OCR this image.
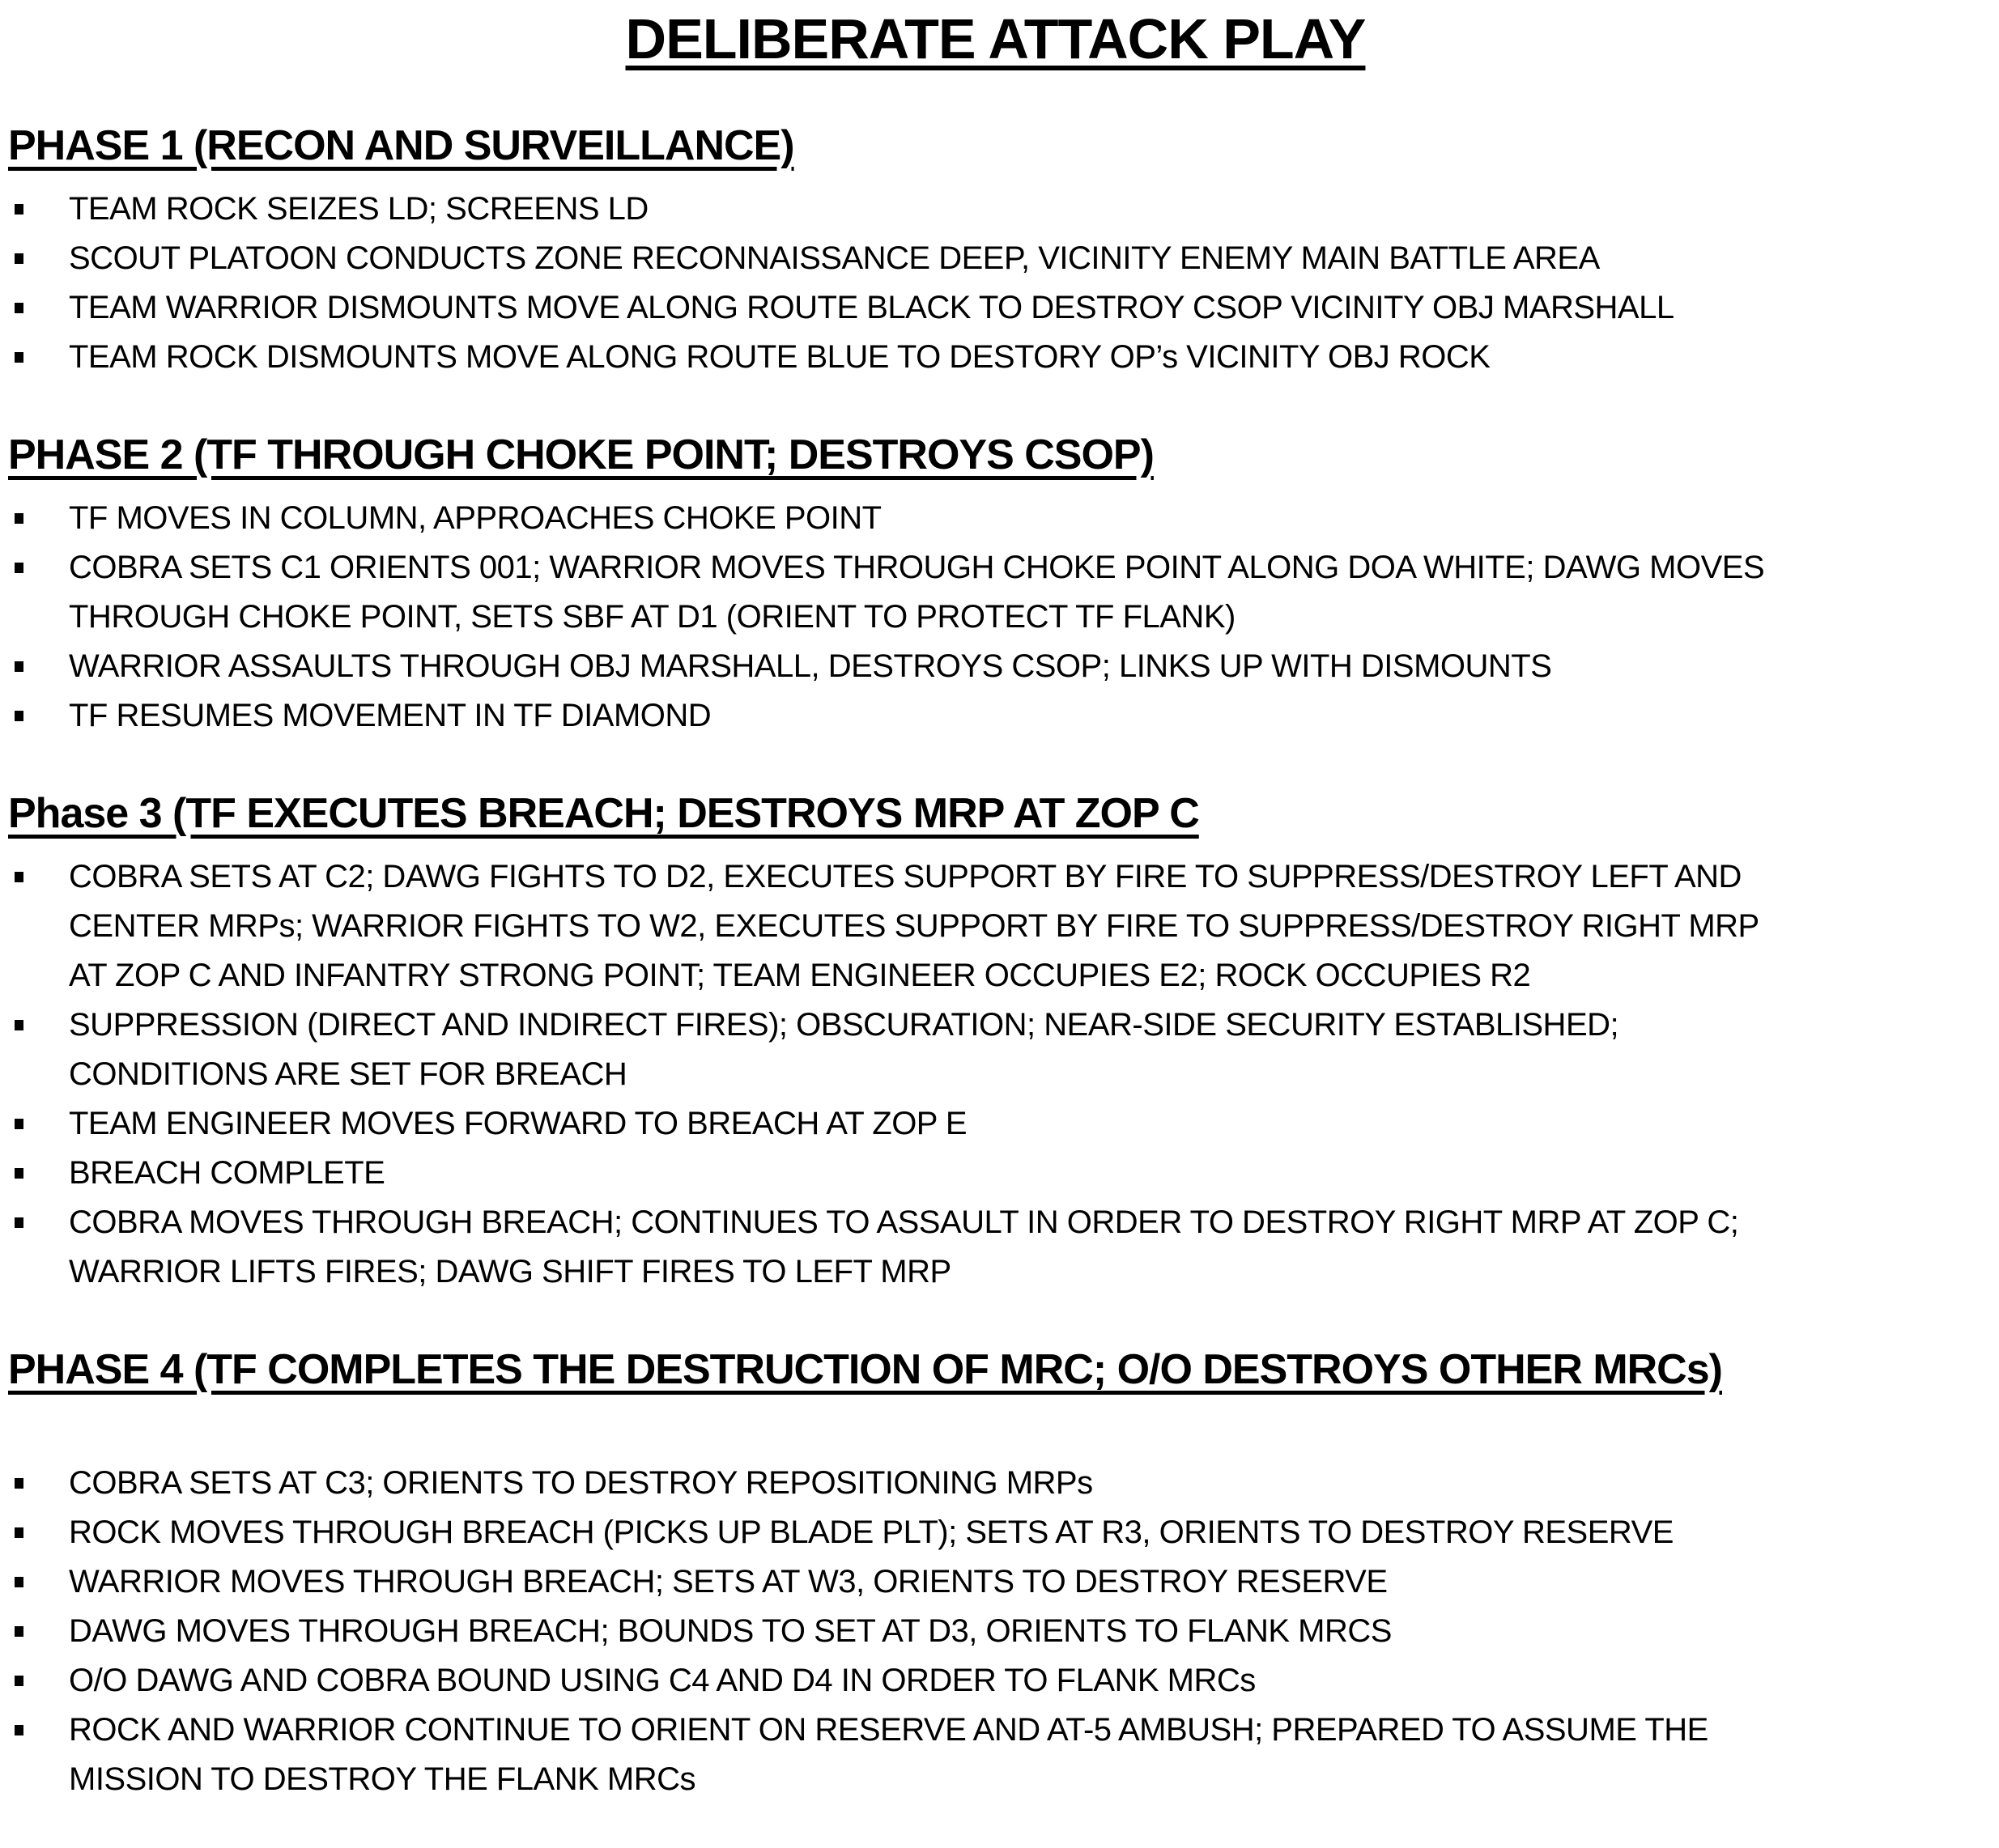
DELIBERATE ATTACK PLAY
PHASE 1 (RECON AND SURVEILLANCE)
TEAM ROCK SEIZES LD; SCREENS LD
SCOUT PLATOON CONDUCTS ZONE RECONNAISSANCE DEEP, VICINITY ENEMY MAIN BATTLE AREA
TEAM WARRIOR DISMOUNTS MOVE ALONG ROUTE BLACK TO DESTROY CSOP VICINITY OBJ MARSHALL
TEAM ROCK DISMOUNTS MOVE ALONG ROUTE BLUE TO DESTORY OP’s VICINITY OBJ ROCK
PHASE 2 (TF THROUGH CHOKE POINT; DESTROYS CSOP)
TF MOVES IN COLUMN, APPROACHES CHOKE POINT
COBRA SETS C1 ORIENTS 001; WARRIOR MOVES THROUGH CHOKE POINT ALONG DOA WHITE; DAWG MOVES THROUGH CHOKE POINT, SETS SBF AT D1 (ORIENT TO PROTECT TF FLANK)
WARRIOR ASSAULTS THROUGH OBJ MARSHALL, DESTROYS CSOP; LINKS UP WITH DISMOUNTS
TF RESUMES MOVEMENT IN TF DIAMOND
Phase 3 (TF EXECUTES BREACH; DESTROYS MRP AT ZOP C
COBRA SETS AT C2; DAWG FIGHTS TO D2, EXECUTES SUPPORT BY FIRE TO SUPPRESS/DESTROY LEFT AND CENTER MRPs; WARRIOR FIGHTS TO W2, EXECUTES SUPPORT BY FIRE TO SUPPRESS/DESTROY RIGHT MRP AT ZOP C AND INFANTRY STRONG POINT; TEAM ENGINEER OCCUPIES E2; ROCK OCCUPIES R2
SUPPRESSION (DIRECT AND INDIRECT FIRES); OBSCURATION; NEAR-SIDE SECURITY ESTABLISHED; CONDITIONS ARE SET FOR BREACH
TEAM ENGINEER MOVES FORWARD TO BREACH AT ZOP E
BREACH COMPLETE
COBRA MOVES THROUGH BREACH; CONTINUES TO ASSAULT IN ORDER TO DESTROY RIGHT MRP AT ZOP C; WARRIOR LIFTS FIRES; DAWG SHIFT FIRES TO LEFT MRP
PHASE 4 (TF COMPLETES THE DESTRUCTION OF MRC; O/O DESTROYS OTHER MRCs)
COBRA SETS AT C3; ORIENTS TO DESTROY REPOSITIONING MRPs
ROCK MOVES THROUGH BREACH (PICKS UP BLADE PLT); SETS AT R3, ORIENTS TO DESTROY RESERVE
WARRIOR MOVES THROUGH BREACH; SETS AT W3, ORIENTS TO DESTROY RESERVE
DAWG MOVES THROUGH BREACH; BOUNDS TO SET AT D3, ORIENTS TO FLANK MRCS
O/O DAWG AND COBRA BOUND USING C4 AND D4 IN ORDER TO FLANK MRCs
ROCK AND WARRIOR CONTINUE TO ORIENT ON RESERVE AND AT-5 AMBUSH; PREPARED TO ASSUME THE MISSION TO DESTROY THE FLANK MRCs
